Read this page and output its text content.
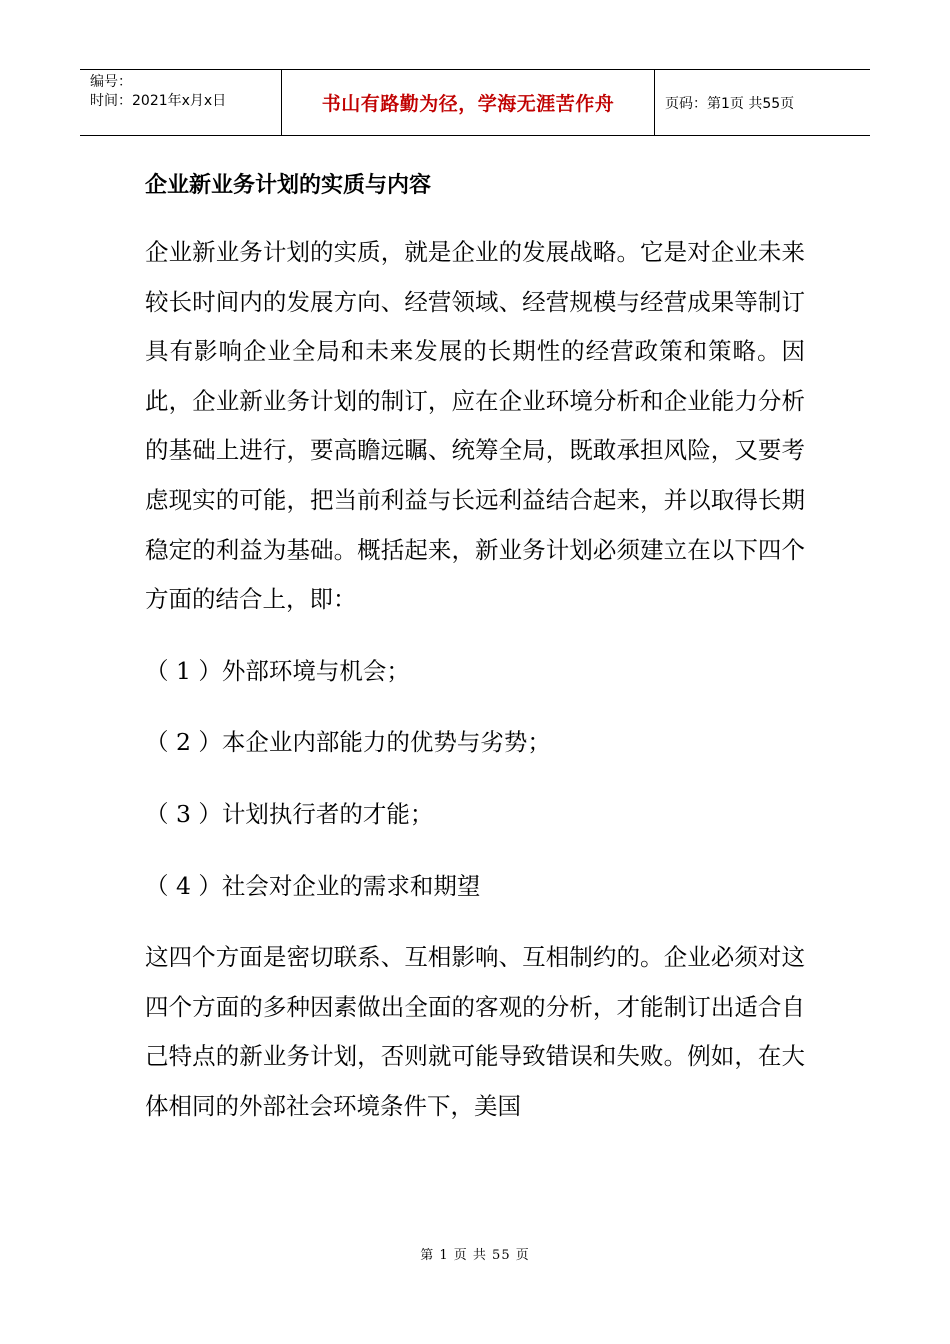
编号：
时间：2021年x月x日	书山有路勤为径，学海无涯苦作舟	页码：第1页 共55页
企业新业务计划的实质与内容

企业新业务计划的实质，就是企业的发展战略。它是对企业未来较长时间内的发展方向、经营领域、经营规模与经营成果等制订具有影响企业全局和未来发展的长期性的经营政策和策略。因此，企业新业务计划的制订，应在企业环境分析和企业能力分析的基础上进行，要高瞻远瞩、统筹全局，既敢承担风险，又要考虑现实的可能，把当前利益与长远利益结合起来，并以取得长期稳定的利益为基础。概括起来，新业务计划必须建立在以下四个方面的结合上，即：

（ 1 ）外部环境与机会；
（ 2 ）本企业内部能力的优势与劣势；
（ 3 ）计划执行者的才能；
（ 4 ）社会对企业的需求和期望

这四个方面是密切联系、互相影响、互相制约的。企业必须对这四个方面的多种因素做出全面的客观的分析，才能制订出适合自己特点的新业务计划，否则就可能导致错误和失败。例如，在大体相同的外部社会环境条件下，美国

第 1 页 共 55 页
